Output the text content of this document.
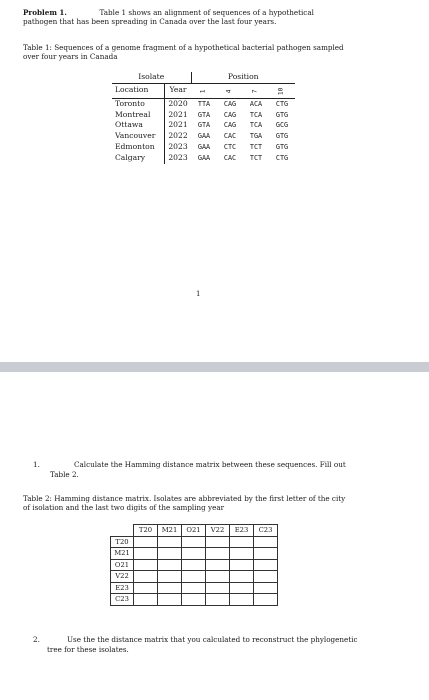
Problem 1.	Table 1 shows an alignment of sequences of a hypothetical
pathogen that has been spreading in Canada over the last four years.
Table 1: Sequences of a genome fragment of a hypothetical bacterial pathogen sampled
over four years in Canada
Isolate		Position			
Location	Year	1	4	7	10
Toronto	2020	TTA	CAG	ACA	CTG
Montreal	2021	GTA	CAG	TCA	GTG
Ottawa	2021	GTA	CAG	TCA	GCG
Vancouver	2022	GAA	CAC	TGA	GTG
Edmonton	2023	GAA	CTC	TCT	GTG
Calgary	2023	GAA	CAC	TCT	CTG
1
1.	Calculate the Hamming distance matrix between these sequences. Fill out
Table 2.
Table 2: Hamming distance matrix. Isolates are abbreviated by the first letter of the city
of isolation and the last two digits of the sampling year
	T20	M21	O21	V22	E23	C23
T20						
M21						
O21						
V22						
E23						
C23						
2.	Use the the distance matrix that you calculated to reconstruct the phylogenetic
tree for these isolates.
